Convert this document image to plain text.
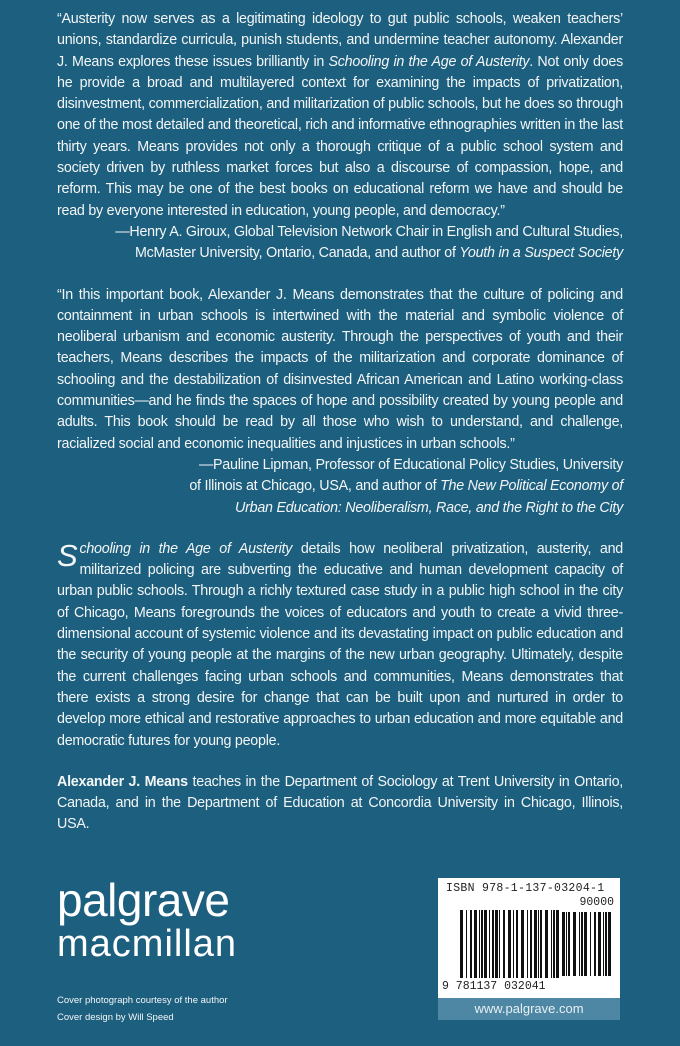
“Austerity now serves as a legitimating ideology to gut public schools, weaken teachers’ unions, standardize curricula, punish students, and undermine teacher autonomy. Alexander J. Means explores these issues brilliantly in Schooling in the Age of Austerity. Not only does he provide a broad and multilayered context for examining the impacts of privatization, disinvestment, commercialization, and militarization of public schools, but he does so through one of the most detailed and theoretical, rich and informative ethnographies written in the last thirty years. Means provides not only a thorough critique of a public school system and society driven by ruthless market forces but also a discourse of compassion, hope, and reform. This may be one of the best books on educational reform we have and should be read by everyone interested in education, young people, and democracy.”
—Henry A. Giroux, Global Television Network Chair in English and Cultural Studies,
McMaster University, Ontario, Canada, and author of Youth in a Suspect Society
“In this important book, Alexander J. Means demonstrates that the culture of policing and containment in urban schools is intertwined with the material and symbolic violence of neoliberal urbanism and economic austerity. Through the perspectives of youth and their teachers, Means describes the impacts of the militarization and corporate dominance of schooling and the destabilization of disinvested African American and Latino working-class communities—and he finds the spaces of hope and possibility created by young people and adults. This book should be read by all those who wish to understand, and challenge, racialized social and economic inequalities and injustices in urban schools.”
—Pauline Lipman, Professor of Educational Policy Studies, University
of Illinois at Chicago, USA, and author of The New Political Economy of
Urban Education: Neoliberalism, Race, and the Right to the City
Schooling in the Age of Austerity details how neoliberal privatization, austerity, and militarized policing are subverting the educative and human development capacity of urban public schools. Through a richly textured case study in a public high school in the city of Chicago, Means foregrounds the voices of educators and youth to create a vivid three-dimensional account of systemic violence and its devastating impact on public education and the security of young people at the margins of the new urban geography. Ultimately, despite the current challenges facing urban schools and communities, Means demonstrates that there exists a strong desire for change that can be built upon and nurtured in order to develop more ethical and restorative approaches to urban education and more equitable and democratic futures for young people.
Alexander J. Means teaches in the Department of Sociology at Trent University in Ontario, Canada, and in the Department of Education at Concordia University in Chicago, Illinois, USA.
palgrave
macmillan
Cover photograph courtesy of the author
Cover design by Will Speed
ISBN 978-1-137-03204-1
90000
9 781137 032041
www.palgrave.com
